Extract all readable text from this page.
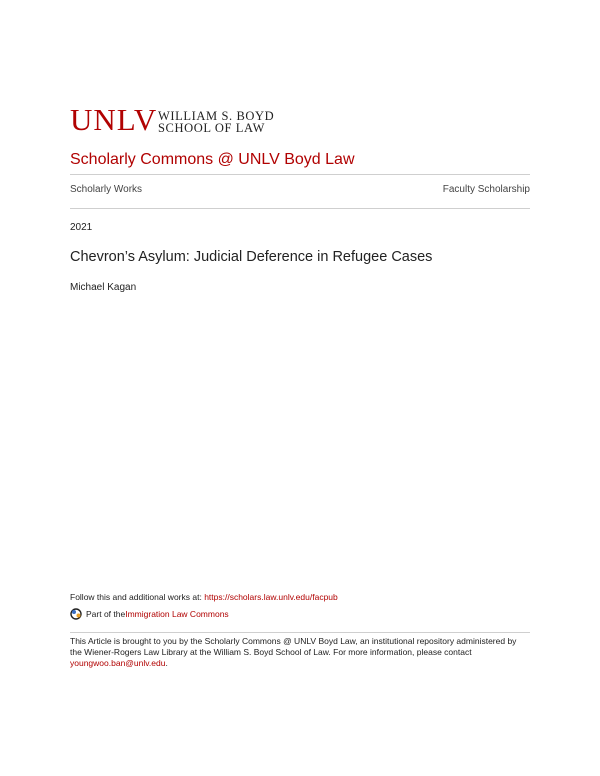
UNLV WILLIAM S. BOYD
SCHOOL OF LAW
Scholarly Commons @ UNLV Boyd Law
Scholarly Works	Faculty Scholarship
2021
Chevron’s Asylum: Judicial Deference in Refugee Cases
Michael Kagan
Follow this and additional works at: https://scholars.law.unlv.edu/facpub
Part of the Immigration Law Commons
This Article is brought to you by the Scholarly Commons @ UNLV Boyd Law, an institutional repository administered by the Wiener-Rogers Law Library at the William S. Boyd School of Law. For more information, please contact youngwoo.ban@unlv.edu.
